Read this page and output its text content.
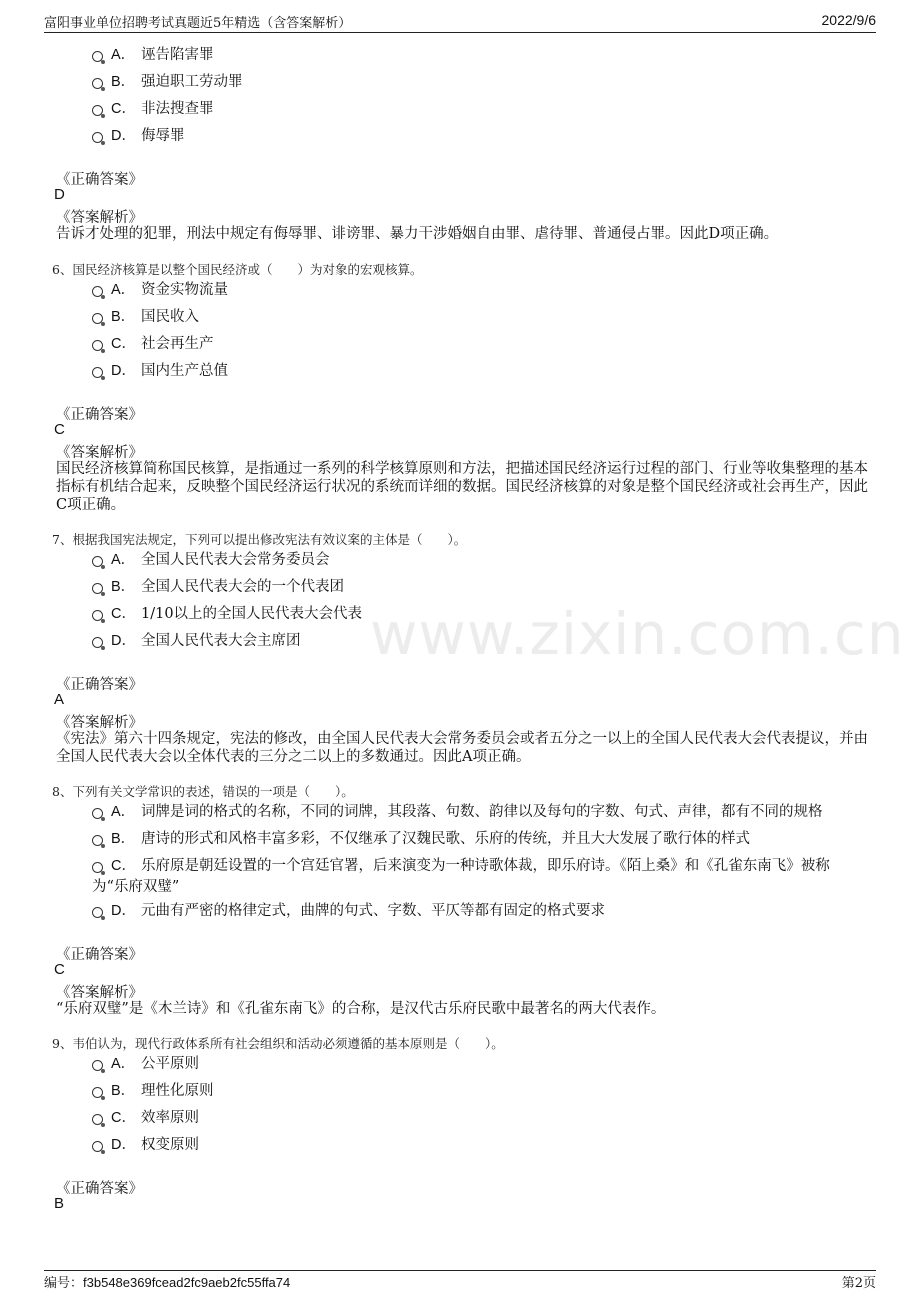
富阳事业单位招聘考试真题近5年精选（含答案解析）	2022/9/6
www.zixin.com.cn
A． 诬告陷害罪
B． 强迫职工劳动罪
C． 非法搜查罪
D． 侮辱罪
《正确答案》
D
《答案解析》
告诉才处理的犯罪，刑法中规定有侮辱罪、诽谤罪、暴力干涉婚姻自由罪、虐待罪、普通侵占罪。因此D项正确。
6、国民经济核算是以整个国民经济或（　　）为对象的宏观核算。
A． 资金实物流量
B． 国民收入
C． 社会再生产
D． 国内生产总值
《正确答案》
C
《答案解析》
国民经济核算简称国民核算，是指通过一系列的科学核算原则和方法，把描述国民经济运行过程的部门、行业等收集整理的基本指标有机结合起来，反映整个国民经济运行状况的系统而详细的数据。国民经济核算的对象是整个国民经济或社会再生产，因此C项正确。
7、根据我国宪法规定，下列可以提出修改宪法有效议案的主体是（　　）。
A． 全国人民代表大会常务委员会
B． 全国人民代表大会的一个代表团
C． 1/10以上的全国人民代表大会代表
D． 全国人民代表大会主席团
《正确答案》
A
《答案解析》
《宪法》第六十四条规定，宪法的修改，由全国人民代表大会常务委员会或者五分之一以上的全国人民代表大会代表提议，并由全国人民代表大会以全体代表的三分之二以上的多数通过。因此A项正确。
8、下列有关文学常识的表述，错误的一项是（　　）。
A． 词牌是词的格式的名称，不同的词牌，其段落、句数、韵律以及每句的字数、句式、声律，都有不同的规格
B． 唐诗的形式和风格丰富多彩，不仅继承了汉魏民歌、乐府的传统，并且大大发展了歌行体的样式
C． 乐府原是朝廷设置的一个宫廷官署，后来演变为一种诗歌体裁，即乐府诗。《陌上桑》和《孔雀东南飞》被称为“乐府双璧”
D． 元曲有严密的格律定式，曲牌的句式、字数、平仄等都有固定的格式要求
《正确答案》
C
《答案解析》
“乐府双璧”是《木兰诗》和《孔雀东南飞》的合称，是汉代古乐府民歌中最著名的两大代表作。
9、韦伯认为，现代行政体系所有社会组织和活动必须遵循的基本原则是（　　）。
A． 公平原则
B． 理性化原则
C． 效率原则
D． 权变原则
《正确答案》
B
编号：f3b548e369fcead2fc9aeb2fc55ffa74	第2页
